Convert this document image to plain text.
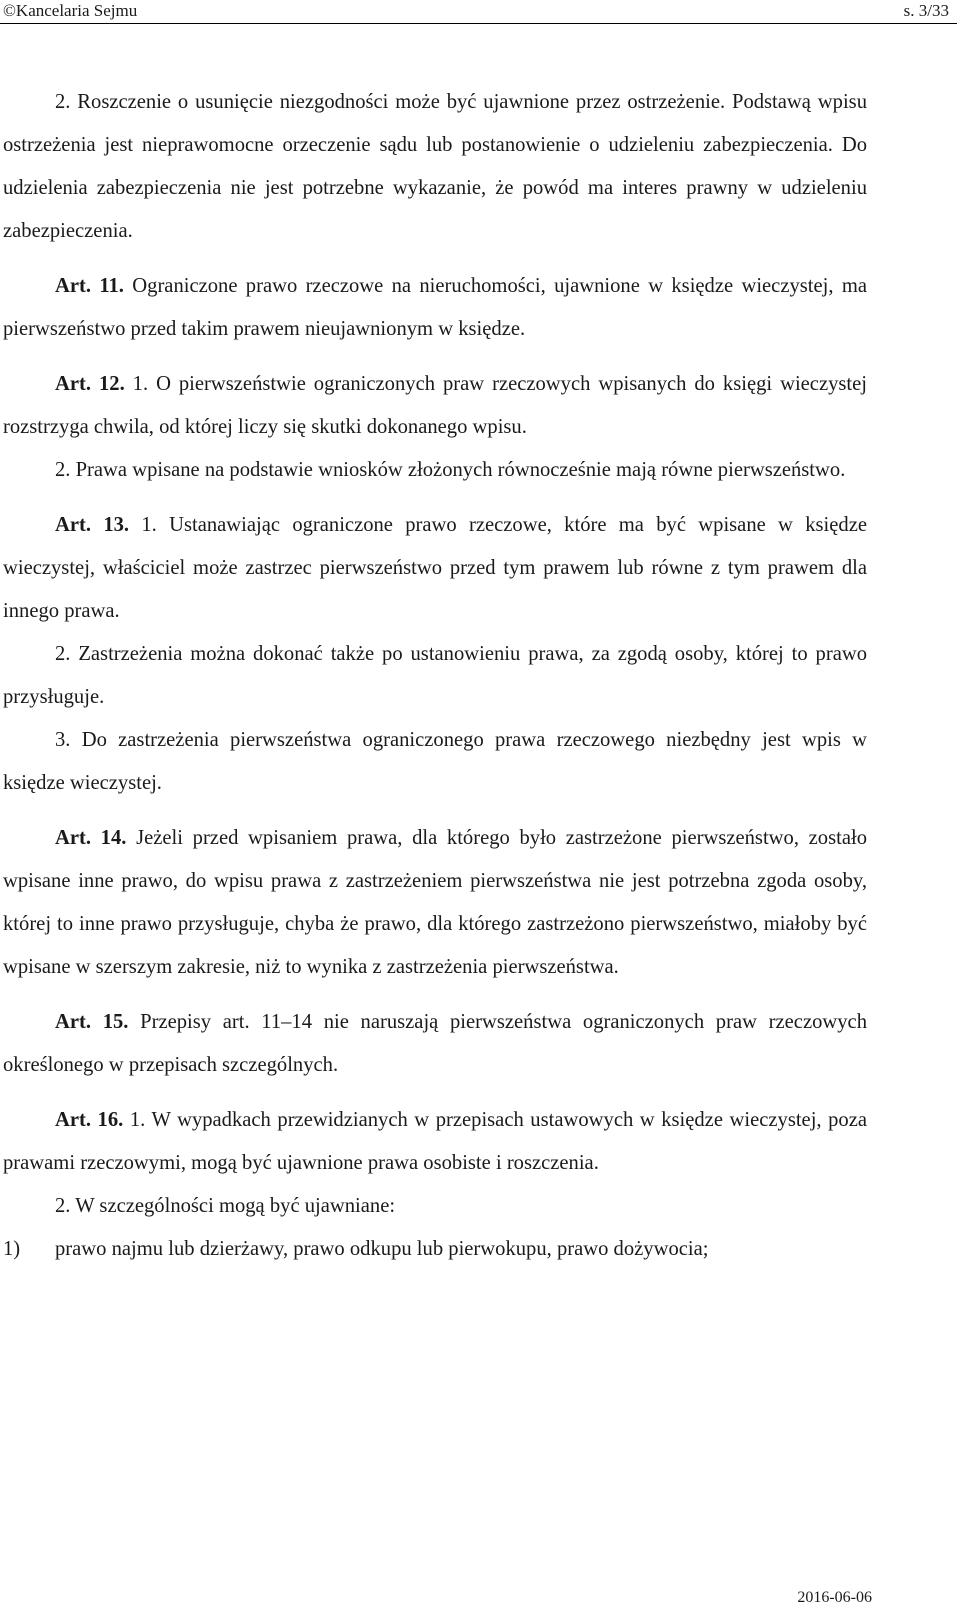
©Kancelaria Sejmu	s. 3/33

2. Roszczenie o usunięcie niezgodności może być ujawnione przez ostrzeżenie. Podstawą wpisu ostrzeżenia jest nieprawomocne orzeczenie sądu lub postanowienie o udzieleniu zabezpieczenia. Do udzielenia zabezpieczenia nie jest potrzebne wykazanie, że powód ma interes prawny w udzieleniu zabezpieczenia.

Art. 11. Ograniczone prawo rzeczowe na nieruchomości, ujawnione w księdze wieczystej, ma pierwszeństwo przed takim prawem nieujawnionym w księdze.

Art. 12. 1. O pierwszeństwie ograniczonych praw rzeczowych wpisanych do księgi wieczystej rozstrzyga chwila, od której liczy się skutki dokonanego wpisu.

2. Prawa wpisane na podstawie wniosków złożonych równocześnie mają równe pierwszeństwo.

Art. 13. 1. Ustanawiając ograniczone prawo rzeczowe, które ma być wpisane w księdze wieczystej, właściciel może zastrzec pierwszeństwo przed tym prawem lub równe z tym prawem dla innego prawa.

2. Zastrzeżenia można dokonać także po ustanowieniu prawa, za zgodą osoby, której to prawo przysługuje.

3. Do zastrzeżenia pierwszeństwa ograniczonego prawa rzeczowego niezbędny jest wpis w księdze wieczystej.

Art. 14. Jeżeli przed wpisaniem prawa, dla którego było zastrzeżone pierwszeństwo, zostało wpisane inne prawo, do wpisu prawa z zastrzeżeniem pierwszeństwa nie jest potrzebna zgoda osoby, której to inne prawo przysługuje, chyba że prawo, dla którego zastrzeżono pierwszeństwo, miałoby być wpisane w szerszym zakresie, niż to wynika z zastrzeżenia pierwszeństwa.

Art. 15. Przepisy art. 11–14 nie naruszają pierwszeństwa ograniczonych praw rzeczowych określonego w przepisach szczególnych.

Art. 16. 1. W wypadkach przewidzianych w przepisach ustawowych w księdze wieczystej, poza prawami rzeczowymi, mogą być ujawnione prawa osobiste i roszczenia.

2. W szczególności mogą być ujawniane:

1)	prawo najmu lub dzierżawy, prawo odkupu lub pierwokupu, prawo dożywocia;
2016-06-06
